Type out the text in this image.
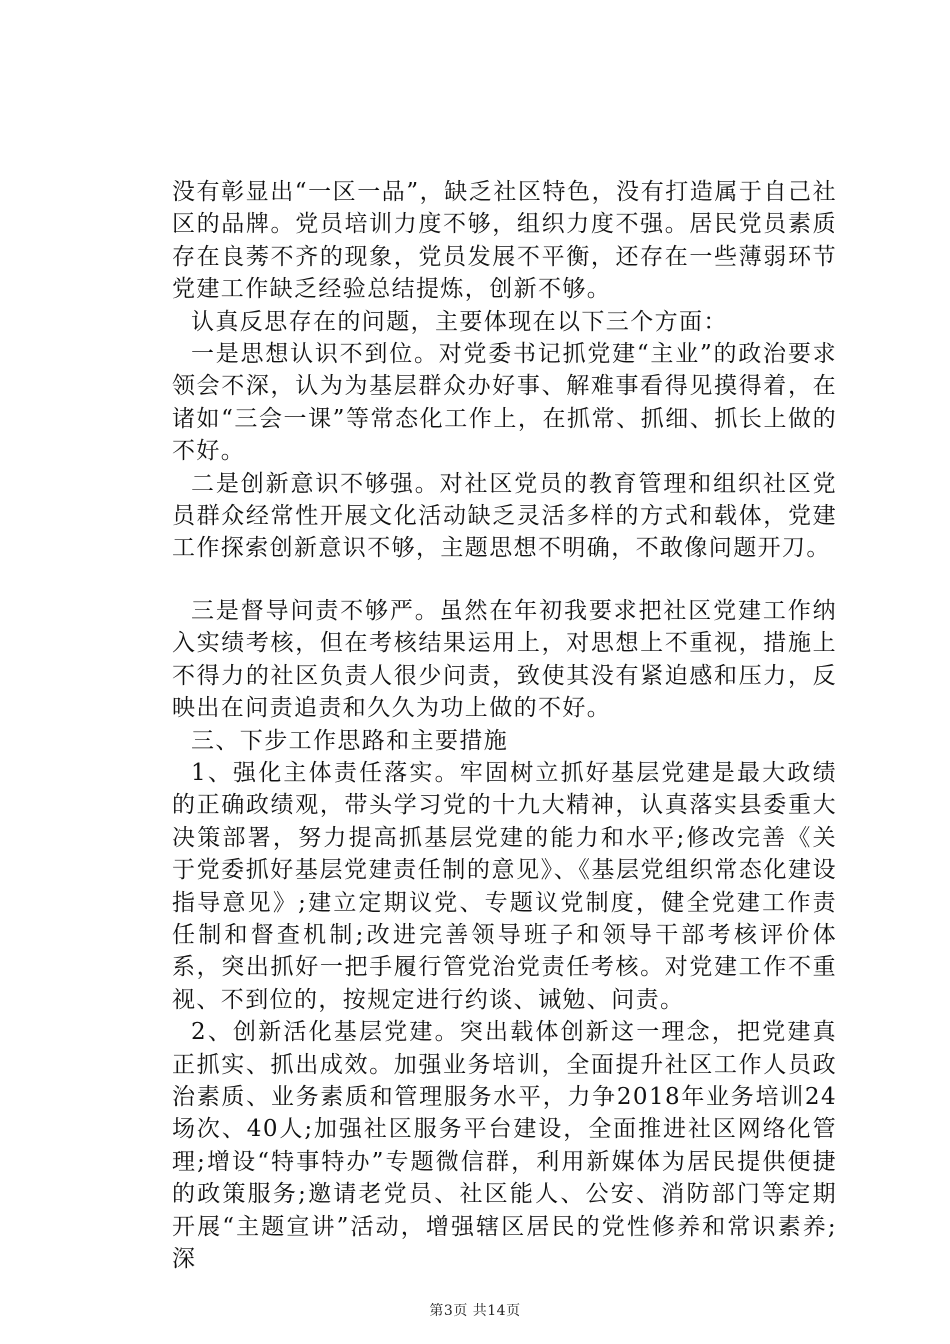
没有彰显出“一区一品”，缺乏社区特色，没有打造属于自己社区的品牌。党员培训力度不够，组织力度不强。居民党员素质存在良莠不齐的现象，党员发展不平衡，还存在一些薄弱环节党建工作缺乏经验总结提炼，创新不够。

认真反思存在的问题，主要体现在以下三个方面：

一是思想认识不到位。对党委书记抓党建“主业”的政治要求领会不深，认为为基层群众办好事、解难事看得见摸得着，在诸如“三会一课”等常态化工作上，在抓常、抓细、抓长上做的不好。

二是创新意识不够强。对社区党员的教育管理和组织社区党员群众经常性开展文化活动缺乏灵活多样的方式和载体，党建工作探索创新意识不够，主题思想不明确，不敢像问题开刀。

三是督导问责不够严。虽然在年初我要求把社区党建工作纳入实绩考核，但在考核结果运用上，对思想上不重视，措施上不得力的社区负责人很少问责，致使其没有紧迫感和压力，反映出在问责追责和久久为功上做的不好。

三、下步工作思路和主要措施

1、强化主体责任落实。牢固树立抓好基层党建是最大政绩的正确政绩观，带头学习党的十九大精神，认真落实县委重大决策部署，努力提高抓基层党建的能力和水平;修改完善《关于党委抓好基层党建责任制的意见》、《基层党组织常态化建设指导意见》;建立定期议党、专题议党制度，健全党建工作责任制和督查机制;改进完善领导班子和领导干部考核评价体系，突出抓好一把手履行管党治党责任考核。对党建工作不重视、不到位的，按规定进行约谈、诫勉、问责。

2、创新活化基层党建。突出载体创新这一理念，把党建真正抓实、抓出成效。加强业务培训，全面提升社区工作人员政治素质、业务素质和管理服务水平，力争2018年业务培训24场次、40人;加强社区服务平台建设，全面推进社区网络化管理;增设“特事特办”专题微信群，利用新媒体为居民提供便捷的政策服务;邀请老党员、社区能人、公安、消防部门等定期开展“主题宣讲”活动，增强辖区居民的党性修养和常识素养;深

第3页 共14页
